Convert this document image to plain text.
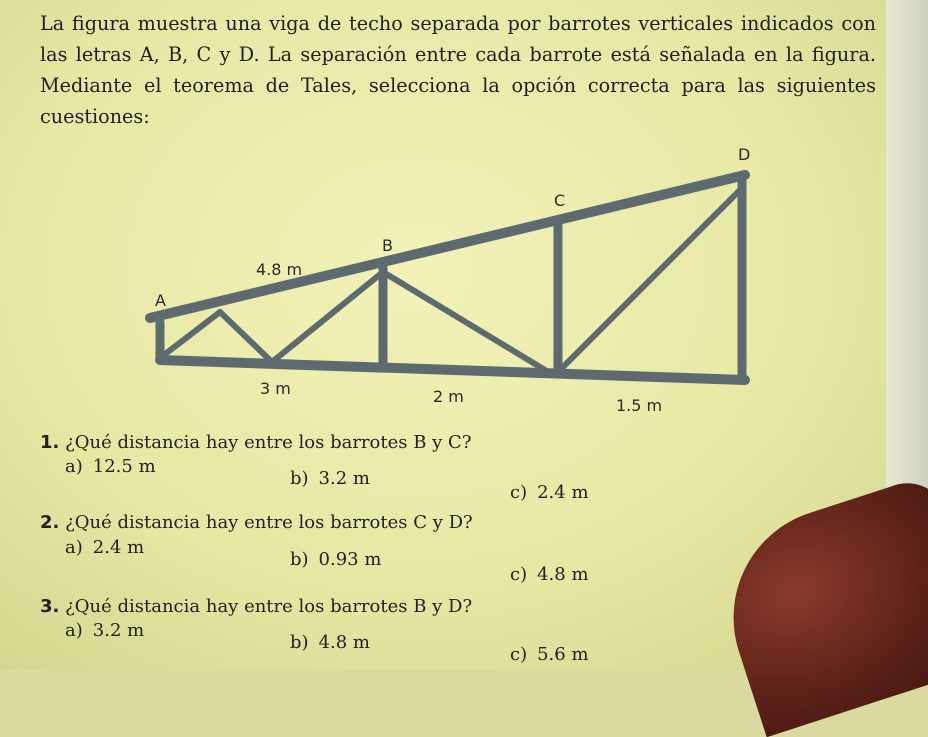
La figura muestra una viga de techo separada por barrotes verticales indicados con las letras A, B, C y D. La separación entre cada barrote está señalada en la figura. Mediante el teorema de Tales, selecciona la opción correcta para las siguientes cuestiones:

A
B
C
D
4.8 m
3 m	2 m	1.5 m
1. ¿Qué distancia hay entre los barrotes B y C?
a) 12.5 m
b) 3.2 m
c) 2.4 m
2. ¿Qué distancia hay entre los barrotes C y D?
a) 2.4 m
b) 0.93 m
c) 4.8 m
3. ¿Qué distancia hay entre los barrotes B y D?
a) 3.2 m
b) 4.8 m
c) 5.6 m
